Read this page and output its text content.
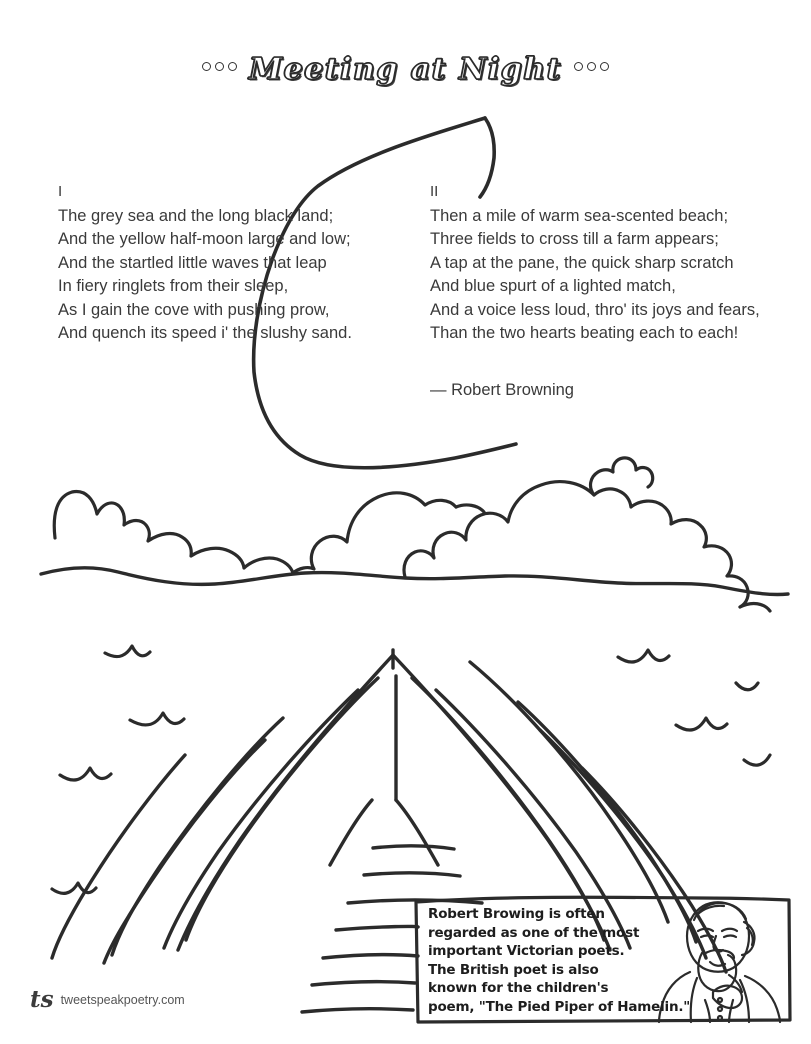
Meeting at Night
I
The grey sea and the long black land;
And the yellow half-moon large and low;
And the startled little waves that leap
In fiery ringlets from their sleep,
As I gain the cove with pushing prow,
And quench its speed i' the slushy sand.
II
Then a mile of warm sea-scented beach;
Three fields to cross till a farm appears;
A tap at the pane, the quick sharp scratch
And blue spurt of a lighted match,
And a voice less loud, thro' its joys and fears,
Than the two hearts beating each to each!
— Robert Browning
Robert Browing is often
regarded as one of the most
important Victorian poets.
The British poet is also
known for the children's
poem, "The Pied Piper of Hamelin."
ts tweetspeakpoetry.com
